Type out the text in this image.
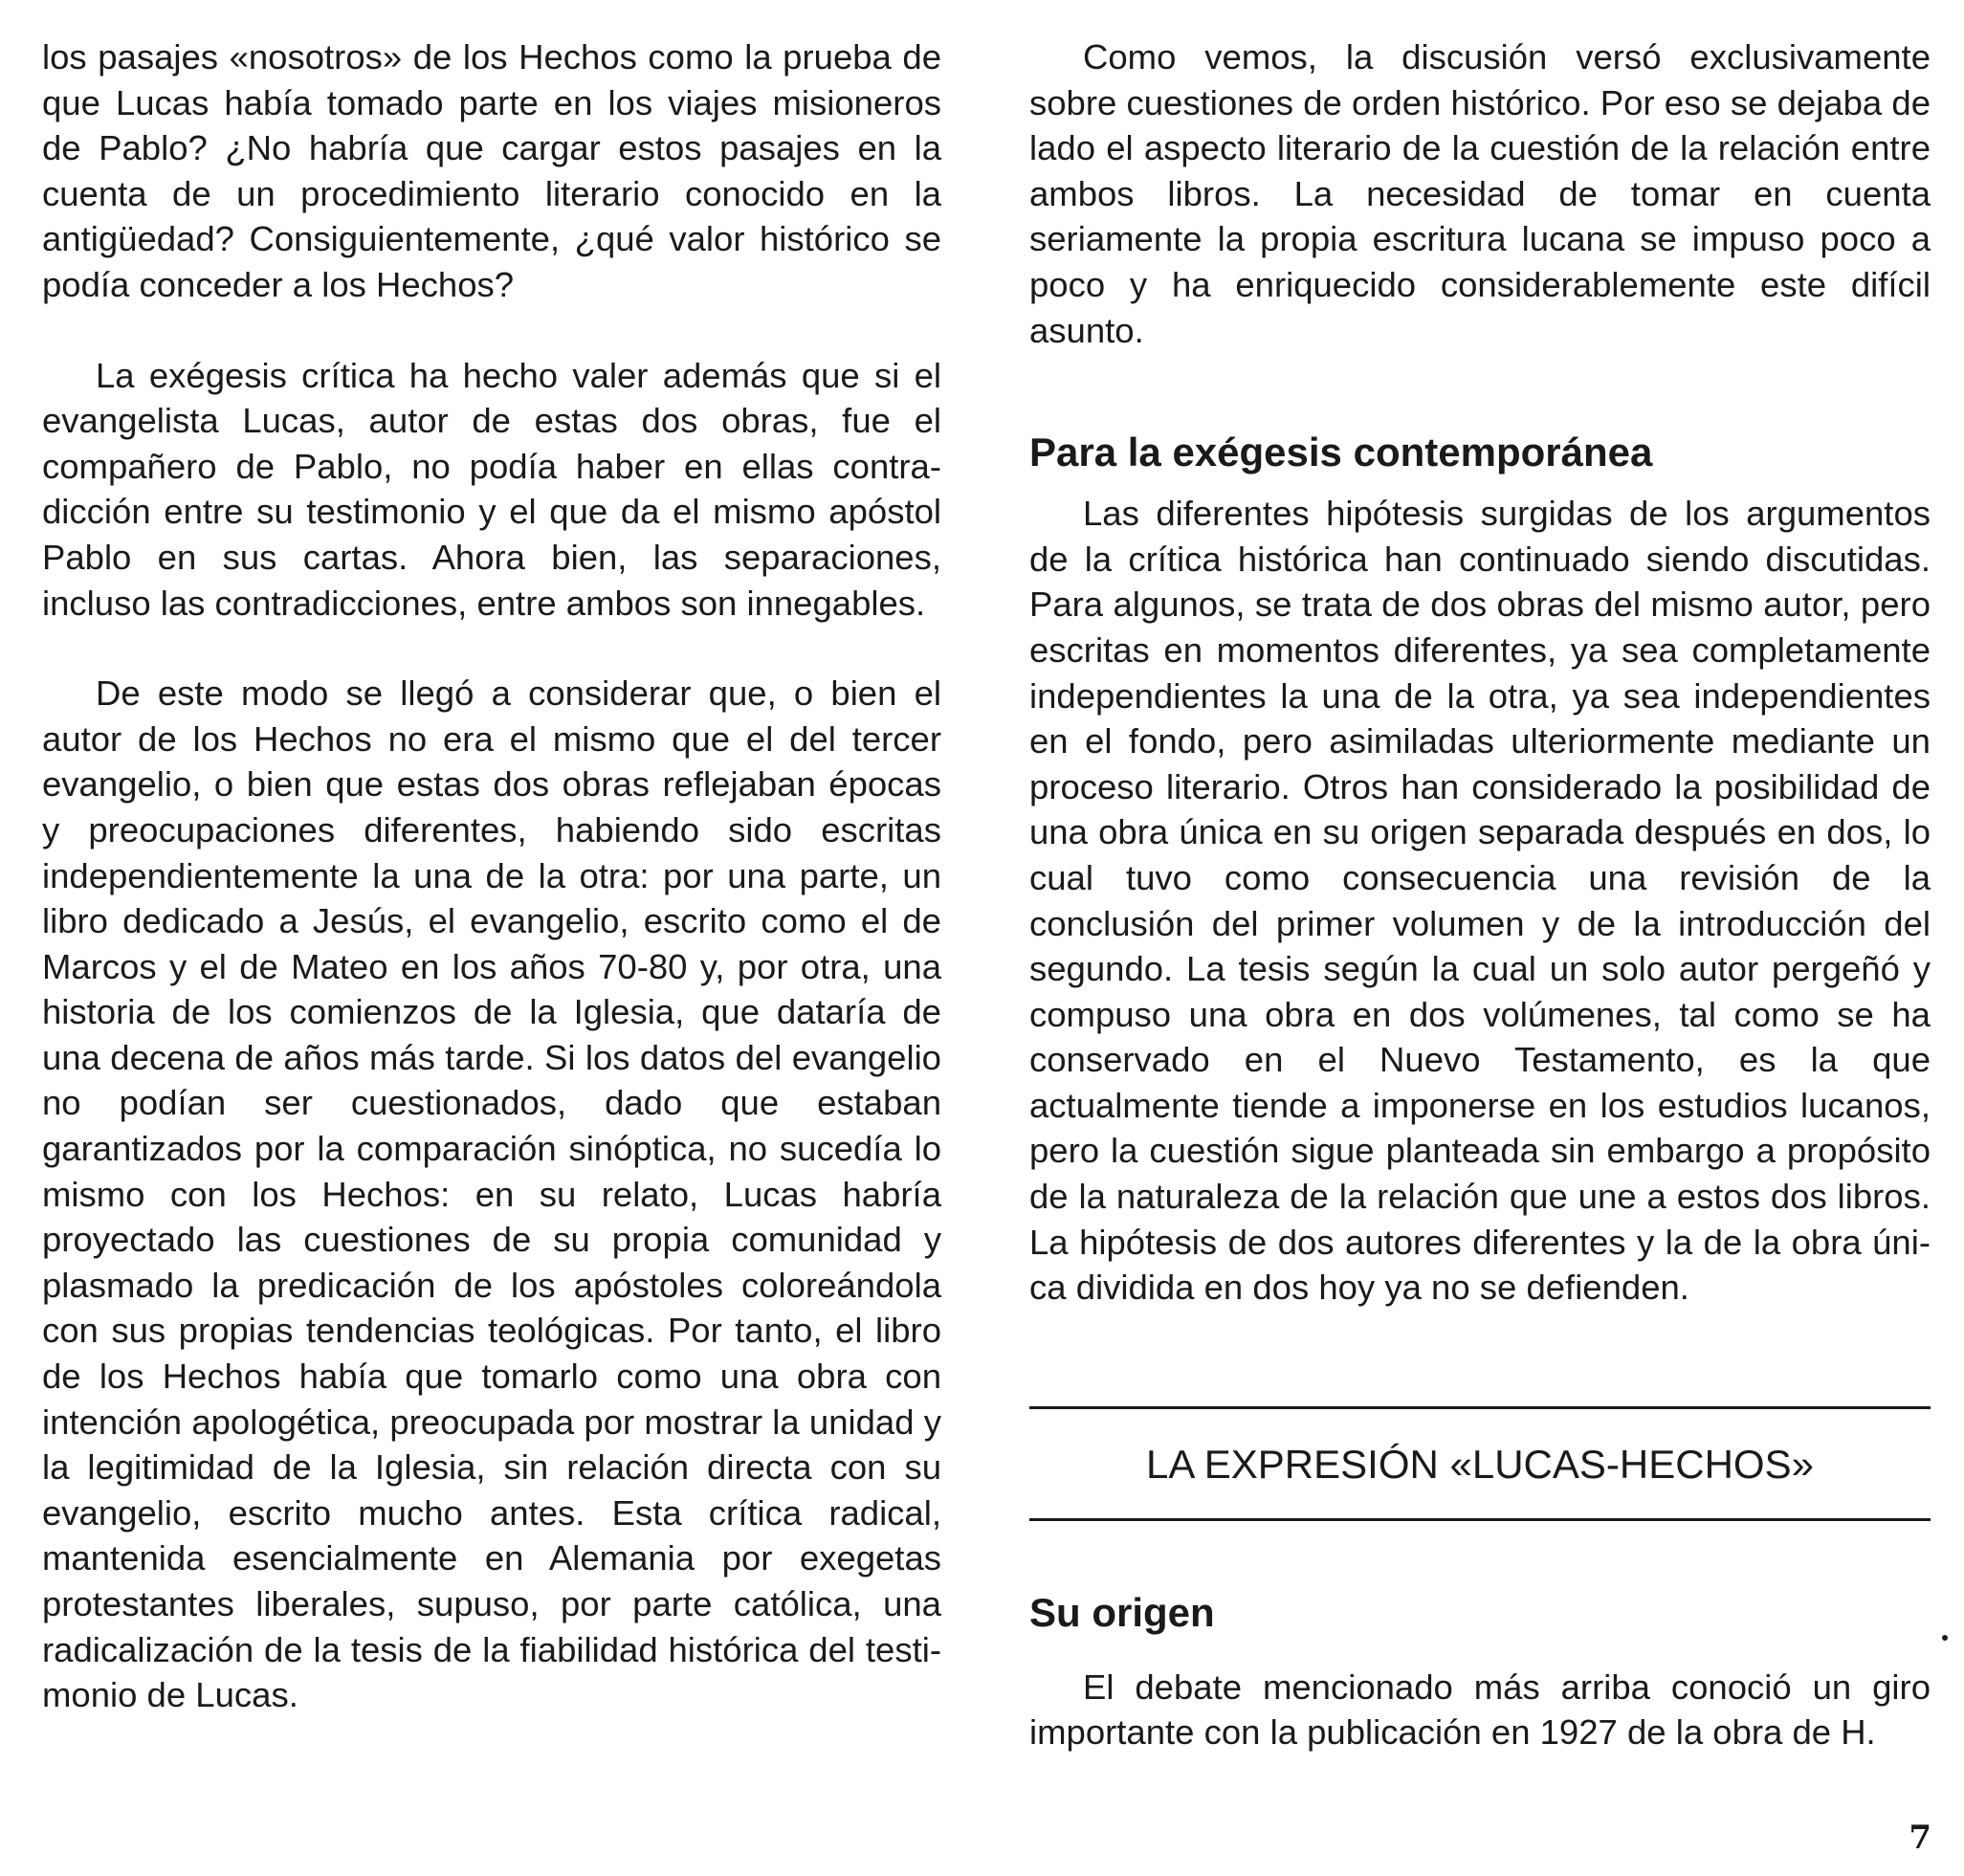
los pasajes «nosotros» de los Hechos como la prueba de que Lucas había tomado parte en los viajes misioneros de Pablo? ¿No habría que cargar estos pasajes en la cuenta de un procedimiento literario conocido en la antigüedad? Consiguientemente, ¿qué valor histórico se podía conceder a los Hechos?

La exégesis crítica ha hecho valer además que si el evangelista Lucas, autor de estas dos obras, fue el compañero de Pablo, no podía haber en ellas contradicción entre su testimonio y el que da el mismo apóstol Pablo en sus cartas. Ahora bien, las separaciones, incluso las contradicciones, entre ambos son innegables.

De este modo se llegó a considerar que, o bien el autor de los Hechos no era el mismo que el del tercer evangelio, o bien que estas dos obras reflejaban épocas y preocupaciones diferentes, habiendo sido escritas independientemente la una de la otra: por una parte, un libro dedicado a Jesús, el evangelio, escrito como el de Marcos y el de Mateo en los años 70-80 y, por otra, una historia de los comienzos de la Iglesia, que dataría de una decena de años más tarde. Si los datos del evangelio no podían ser cuestionados, dado que estaban garantizados por la comparación sinóptica, no sucedía lo mismo con los Hechos: en su relato, Lucas habría proyectado las cuestiones de su propia comunidad y plasmado la predicación de los apóstoles coloreándola con sus propias tendencias teológicas. Por tanto, el libro de los Hechos había que tomarlo como una obra con intención apologética, preocupada por mostrar la unidad y la legitimidad de la Iglesia, sin relación directa con su evangelio, escrito mucho antes. Esta crítica radical, mantenida esencialmente en Alemania por exegetas protestantes liberales, supuso, por parte católica, una radicalización de la tesis de la fiabilidad histórica del testimonio de Lucas.

Como vemos, la discusión versó exclusivamente sobre cuestiones de orden histórico. Por eso se dejaba de lado el aspecto literario de la cuestión de la relación entre ambos libros. La necesidad de tomar en cuenta seriamente la propia escritura lucana se impuso poco a poco y ha enriquecido considerablemente este difícil asunto.

Para la exégesis contemporánea

Las diferentes hipótesis surgidas de los argumentos de la crítica histórica han continuado siendo discutidas. Para algunos, se trata de dos obras del mismo autor, pero escritas en momentos diferentes, ya sea completamente independientes la una de la otra, ya sea independientes en el fondo, pero asimiladas ulteriormente mediante un proceso literario. Otros han considerado la posibilidad de una obra única en su origen separada después en dos, lo cual tuvo como consecuencia una revisión de la conclusión del primer volumen y de la introducción del segundo. La tesis según la cual un solo autor pergeñó y compuso una obra en dos volúmenes, tal como se ha conservado en el Nuevo Testamento, es la que actualmente tiende a imponerse en los estudios lucanos, pero la cuestión sigue planteada sin embargo a propósito de la naturaleza de la relación que une a estos dos libros. La hipótesis de dos autores diferentes y la de la obra única dividida en dos hoy ya no se defienden.

LA EXPRESIÓN «LUCAS-HECHOS»
Su origen

El debate mencionado más arriba conoció un giro importante con la publicación en 1927 de la obra de H.

7
